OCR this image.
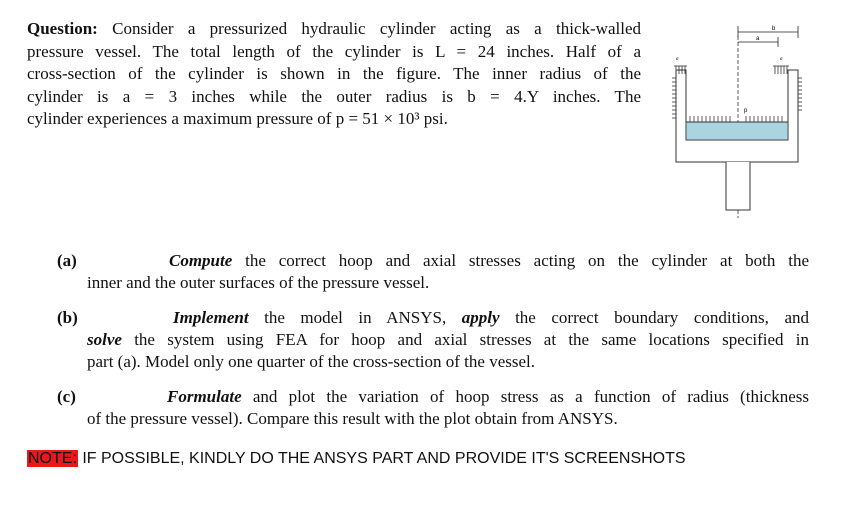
Question: Consider a pressurized hydraulic cylinder acting as a thick-walled
pressure vessel. The total length of the cylinder is L = 24 inches. Half of a
cross-section of the cylinder is shown in the figure. The inner radius of the
cylinder is a = 3 inches while the outer radius is b = 4.Y inches. The
cylinder experiences a maximum pressure of p = 51 × 10³ psi.
b
a
p
σ	σ
(a)	Compute the correct hoop and axial stresses acting on the cylinder at both the
inner and the outer surfaces of the pressure vessel.
(b)	Implement the model in ANSYS, apply the correct boundary conditions, and
solve the system using FEA for hoop and axial stresses at the same locations specified in
part (a). Model only one quarter of the cross-section of the vessel.
(c)	Formulate and plot the variation of hoop stress as a function of radius (thickness
of the pressure vessel). Compare this result with the plot obtain from ANSYS.
NOTE: IF POSSIBLE, KINDLY DO THE ANSYS PART AND PROVIDE IT'S SCREENSHOTS
